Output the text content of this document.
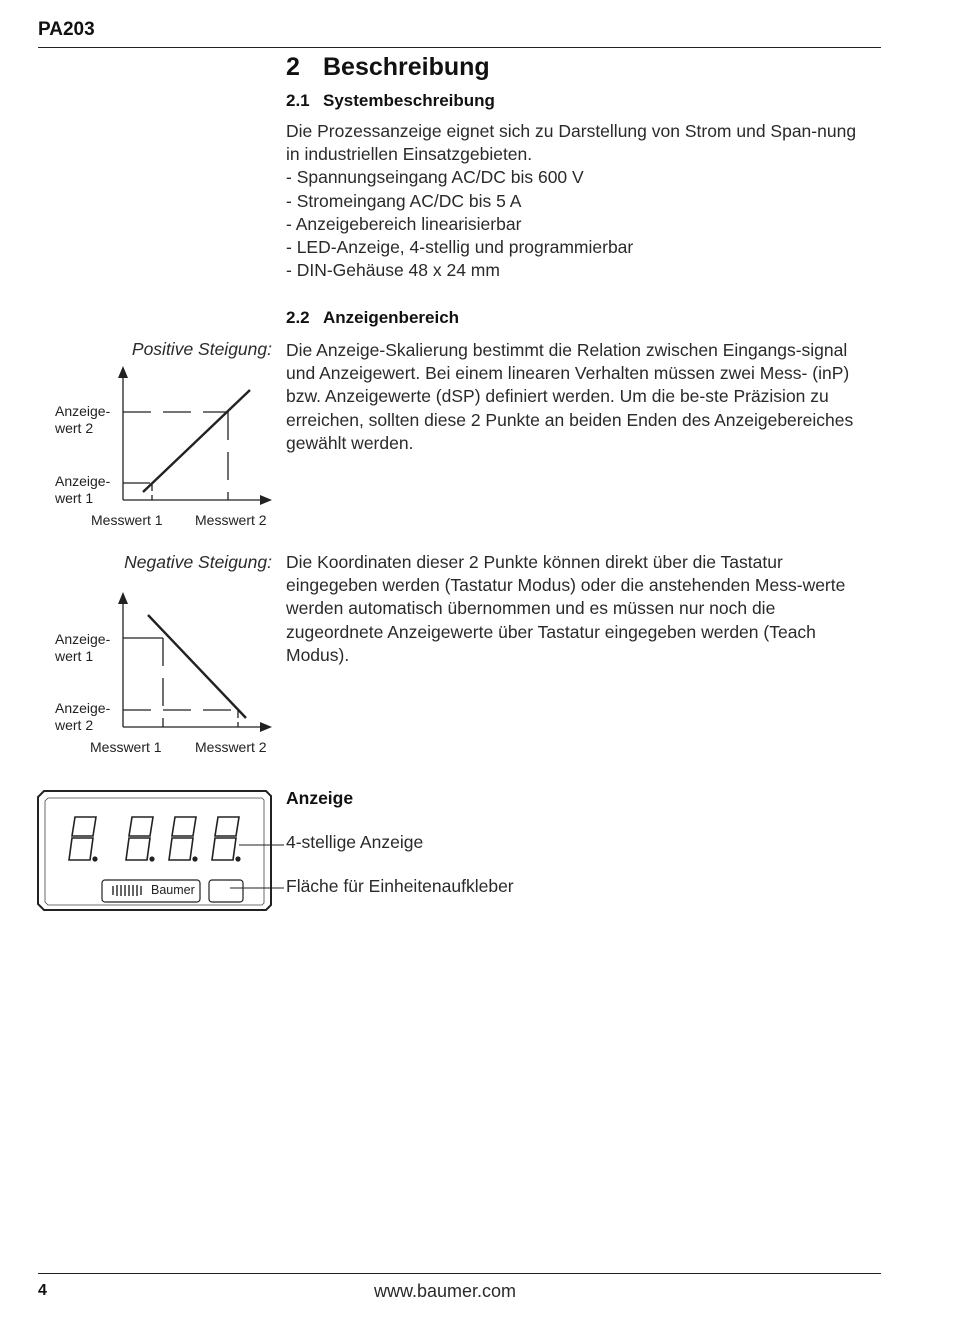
PA203
2 Beschreibung
2.1 Systembeschreibung

Die Prozessanzeige eignet sich zu Darstellung von Strom und Span-nung in industriellen Einsatzgebieten.

- Spannungseingang AC/DC bis 600 V

- Stromeingang AC/DC bis 5 A

- Anzeigebereich linearisierbar

- LED-Anzeige, 4-stellig und programmierbar

- DIN-Gehäuse 48 x 24 mm

2.2 Anzeigenbereich
Die Anzeige-Skalierung bestimmt die Relation zwischen Eingangs-signal und Anzeigewert. Bei einem linearen Verhalten müssen zwei Mess- (inP) bzw. Anzeigewerte (dSP) definiert werden. Um die be-ste Präzision zu erreichen, sollten diese 2 Punkte an beiden Enden des Anzeigebereiches gewählt werden.
Die Koordinaten dieser 2 Punkte können direkt über die Tastatur eingegeben werden (Tastatur Modus) oder die anstehenden Mess-werte werden automatisch übernommen und es müssen nur noch die zugeordnete Anzeigewerte über Tastatur eingegeben werden (Teach Modus).
Positive Steigung:
Anzeige-
wert 2
Anzeige-
wert 1
Messwert 1 Messwert 2
Negative Steigung:
Anzeige-
wert 1
Anzeige-
wert 2
Messwert 1 Messwert 2
Anzeige
4-stellige Anzeige
Fläche für Einheitenaufkleber
Baumer
4	www.baumer.com
